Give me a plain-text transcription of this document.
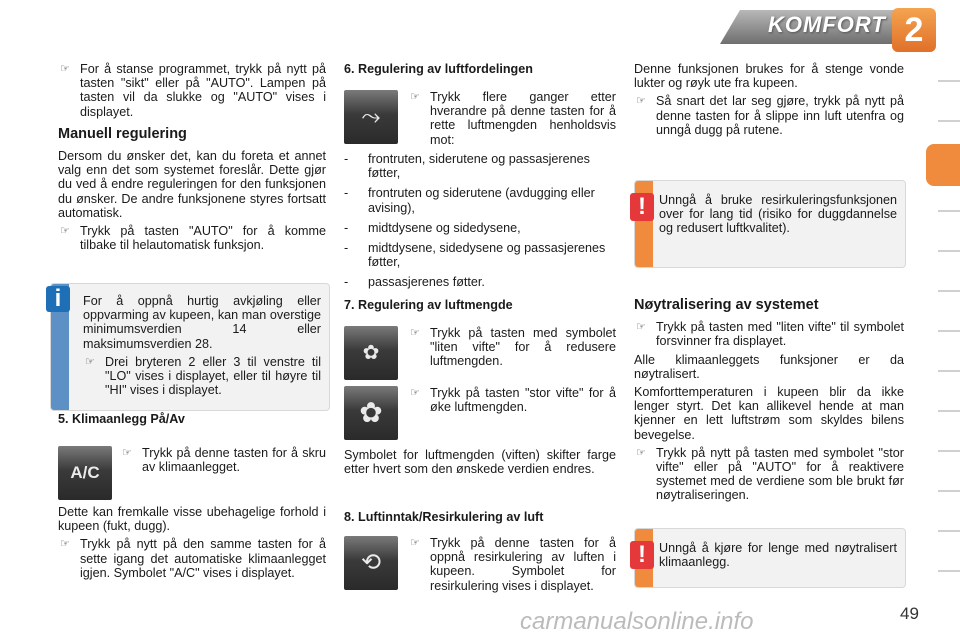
KOMFORT 2
☞ For å stanse programmet, trykk på nytt på tasten "sikt" eller på "AUTO". Lampen på tasten vil da slukke og "AUTO" vises i displayet.
Manuell regulering

Dersom du ønsker det, kan du foreta et annet valg enn det som systemet foreslår. Dette gjør du ved å endre reguleringen for den funksjonen du ønsker. De andre funksjonene styres fortsatt automatisk.

☞ Trykk på tasten "AUTO" for å komme tilbake til helautomatisk funksjon.
i	For å oppnå hurtig avkjøling eller oppvarming av kupeen, kan man overstige minimumsverdien 14 eller maksimumsverdien 28.

☞ Drei bryteren 2 eller 3 til venstre til "LO" vises i displayet, eller til høyre til "HI" vises i displayet.
5. Klimaanlegg På/Av
A/C
☞ Trykk på denne tasten for å skru av klimaanlegget.

Dette kan fremkalle visse ubehagelige forhold i kupeen (fukt, dugg).

☞ Trykk på nytt på den samme tasten for å sette igang det automatiske klimaanlegget igjen. Symbolet "A/C" vises i displayet.
6. Regulering av luftfordelingen
⤳
☞ Trykk flere ganger etter hverandre på denne tasten for å rette luftmengden henholdsvis mot:
- frontruten, siderutene og passasjerenes føtter,
- frontruten og siderutene (avdugging eller avising),
- midtdysene og sidedysene,
- midtdysene, sidedysene og passasjerenes føtter,
- passasjerenes føtter.
7. Regulering av luftmengde
✿
☞ Trykk på tasten med symbolet "liten vifte" for å redusere luftmengden.
✿
☞ Trykk på tasten "stor vifte" for å øke luftmengden.

Symbolet for luftmengden (viften) skifter farge etter hvert som den ønskede verdien endres.

8. Luftinntak/Resirkulering av luft
⟲
☞ Trykk på denne tasten for å oppnå resirkulering av luften i kupeen. Symbolet for resirkulering vises i displayet.

Denne funksjonen brukes for å stenge vonde lukter og røyk ute fra kupeen.

☞ Så snart det lar seg gjøre, trykk på nytt på denne tasten for å slippe inn luft utenfra og unngå dugg på rutene.
!	Unngå å bruke resirkuleringsfunksjonen over for lang tid (risiko for duggdannelse og redusert luftkvalitet).
Nøytralisering av systemet
☞ Trykk på tasten med "liten vifte" til symbolet forsvinner fra displayet.

Alle klimaanleggets funksjoner er da nøytralisert.

Komforttemperaturen i kupeen blir da ikke lenger styrt. Det kan allikevel hende at man kjenner en lett luftstrøm som skyldes bilens bevegelse.

☞ Trykk på nytt på tasten med symbolet "stor vifte" eller på "AUTO" for å reaktivere systemet med de verdiene som ble brukt før nøytraliseringen.
!	Unngå å kjøre for lenge med nøytralisert klimaanlegg.
carmanualsonline.info	49
